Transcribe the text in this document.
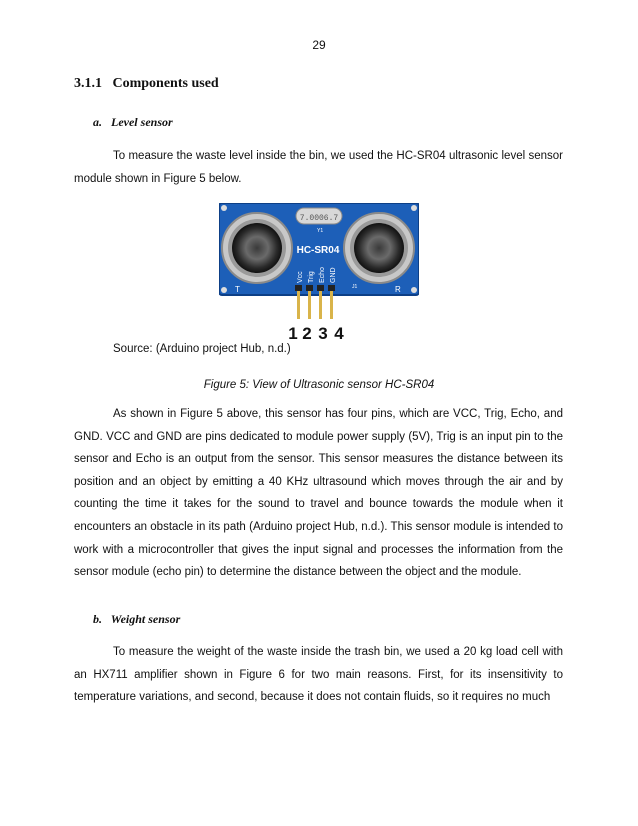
29
3.1.1   Components used
a.   Level sensor

To measure the waste level inside the bin, we used the HC-SR04 ultrasonic level sensor module shown in Figure 5 below.

7.0006.7
Y1
HC-SR04
T	R
J1
Vcc Trig Echo GND
1 2 3 4
Source: (Arduino project Hub, n.d.)
Figure 5: View of Ultrasonic sensor HC-SR04

As shown in Figure 5 above, this sensor has four pins, which are VCC, Trig, Echo, and GND. VCC and GND are pins dedicated to module power supply (5V), Trig is an input pin to the sensor and Echo is an output from the sensor. This sensor measures the distance between its position and an object by emitting a 40 KHz ultrasound which moves through the air and by counting the time it takes for the sound to travel and bounce towards the module when it encounters an obstacle in its path (Arduino project Hub, n.d.). This sensor module is intended to work with a microcontroller that gives the input signal and processes the information from the sensor module (echo pin) to determine the distance between the object and the module.

b.   Weight sensor

To measure the weight of the waste inside the trash bin, we used a 20 kg load cell with an HX711 amplifier shown in Figure 6 for two main reasons. First, for its insensitivity to temperature variations, and second, because it does not contain fluids, so it requires no much
